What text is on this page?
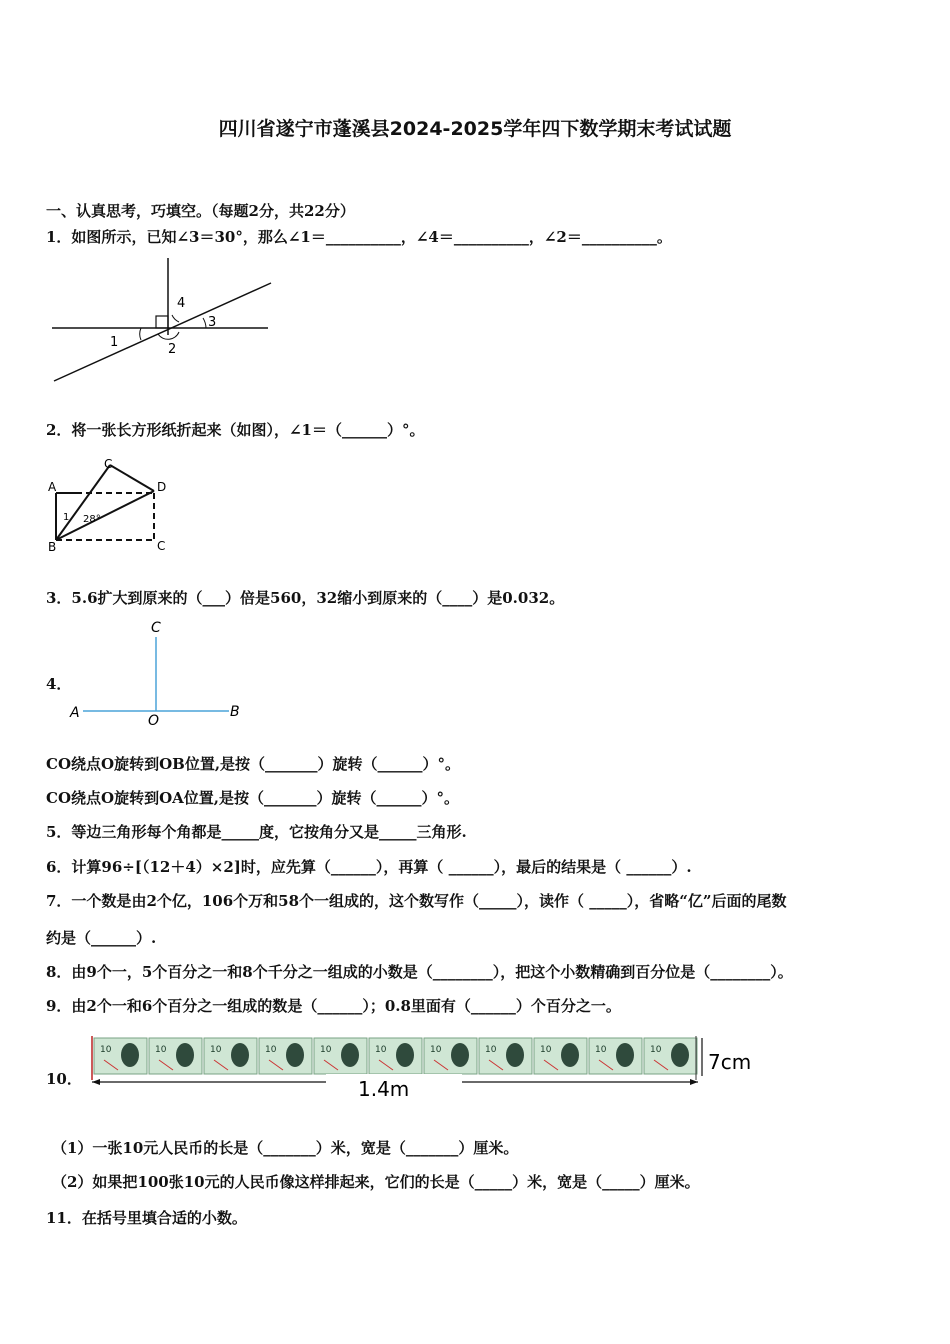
四川省遂宁市蓬溪县2024-2025学年四下数学期末考试试题
一、认真思考，巧填空。（每题2分，共22分）
1．如图所示，已知∠3＝30°，那么∠1＝__________，∠4＝__________，∠2＝__________。
4
3
1	2
2．将一张长方形纸折起来（如图），∠1＝（______）°。
A
B
C
D
C
1 28°
3．5.6扩大到原来的（___）倍是560，32缩小到原来的（____）是0.032。
4．
C
A	O
B
CO绕点O旋转到OB位置,是按（_______）旋转（______）°。
CO绕点O旋转到OA位置,是按（_______）旋转（______）°。
5．等边三角形每个角都是_____度，它按角分又是_____三角形.
6．计算96÷[（12＋4）×2]时，应先算（______），再算（ ______），最后的结果是（ ______）.
7．一个数是由2个亿，106个万和58个一组成的，这个数写作（_____），读作（ _____），省略“亿”后面的尾数
约是（______）.
8．由9个一，5个百分之一和8个千分之一组成的小数是（________），把这个小数精确到百分位是（________）。
9．由2个一和6个百分之一组成的数是（______）；0.8里面有（______）个百分之一。
10．
10	10	10	10	10	10	10	10	10	10	10 7cm
1.4m
（1）一张10元人民币的长是（_______）米，宽是（_______）厘米。
（2）如果把100张10元的人民币像这样排起来，它们的长是（_____）米，宽是（_____）厘米。
11．在括号里填合适的小数。
